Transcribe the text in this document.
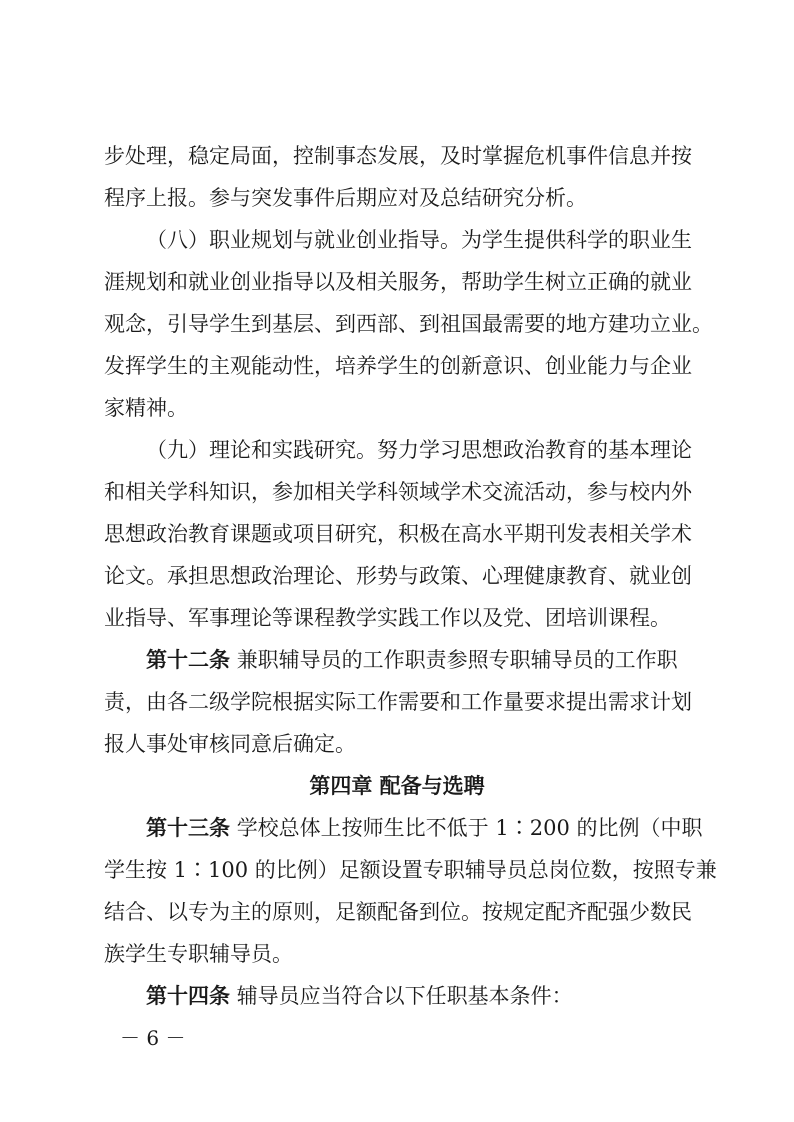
步处理，稳定局面，控制事态发展，及时掌握危机事件信息并按
程序上报。参与突发事件后期应对及总结研究分析。
（八）职业规划与就业创业指导。为学生提供科学的职业生
涯规划和就业创业指导以及相关服务，帮助学生树立正确的就业
观念，引导学生到基层、到西部、到祖国最需要的地方建功立业。
发挥学生的主观能动性，培养学生的创新意识、创业能力与企业
家精神。
（九）理论和实践研究。努力学习思想政治教育的基本理论
和相关学科知识，参加相关学科领域学术交流活动，参与校内外
思想政治教育课题或项目研究，积极在高水平期刊发表相关学术
论文。承担思想政治理论、形势与政策、心理健康教育、就业创
业指导、军事理论等课程教学实践工作以及党、团培训课程。
第十二条 兼职辅导员的工作职责参照专职辅导员的工作职
责，由各二级学院根据实际工作需要和工作量要求提出需求计划
报人事处审核同意后确定。
第四章 配备与选聘
第十三条 学校总体上按师生比不低于 1∶200 的比例（中职
学生按 1∶100 的比例）足额设置专职辅导员总岗位数，按照专兼
结合、以专为主的原则，足额配备到位。按规定配齐配强少数民
族学生专职辅导员。
第十四条 辅导员应当符合以下任职基本条件：
－ 6 －
